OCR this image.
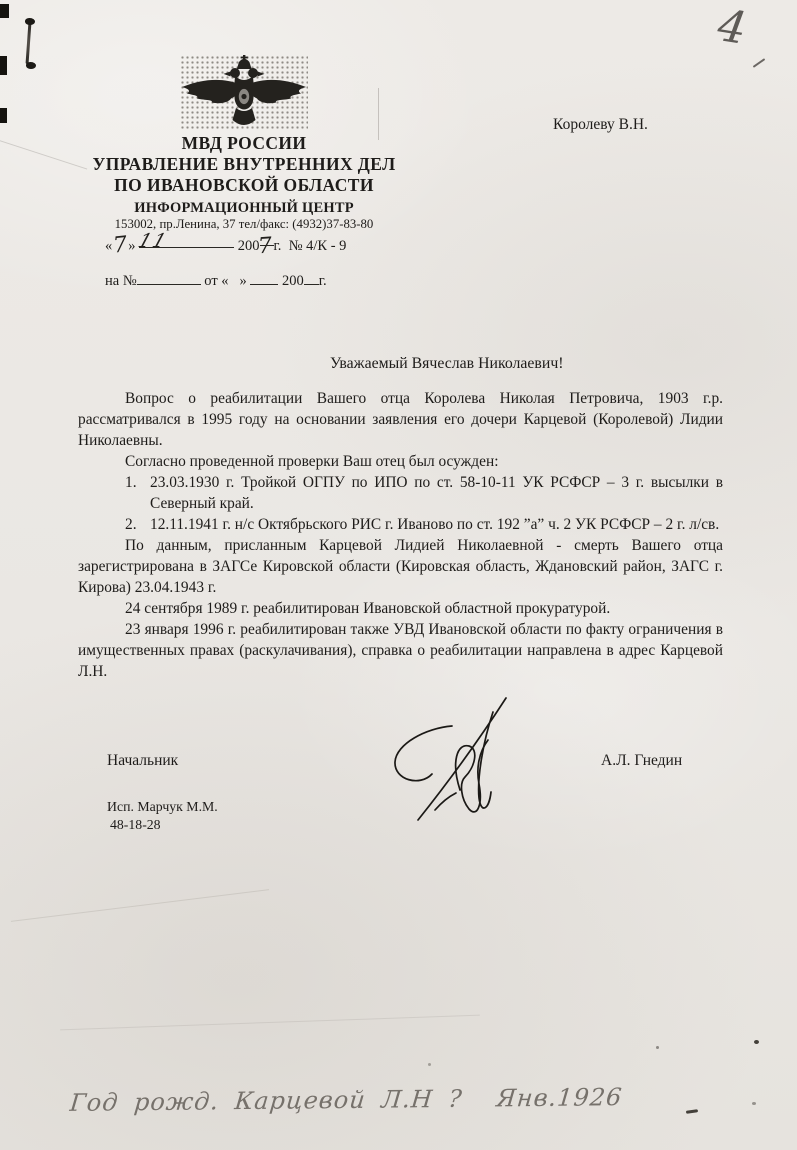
4
МВД РОССИИ
УПРАВЛЕНИЕ ВНУТРЕННИХ ДЕЛ
ПО ИВАНОВСКОЙ ОБЛАСТИ
ИНФОРМАЦИОННЫЙ ЦЕНТР
153002, пр.Ленина, 37 тел/факс: (4932)37-83-80
Королеву В.Н.
«7» 11	2007г. № 4/К - 9
на №	от « » 200 г.
Уважаемый Вячеслав Николаевич!

Вопрос о реабилитации Вашего отца Королева Николая Петровича, 1903 г.р. рассматривался в 1995 году на основании заявления его дочери Карцевой (Королевой) Лидии Николаевны.

Согласно проведенной проверки Ваш отец был осужден:

1. 23.03.1930 г. Тройкой ОГПУ по ИПО по ст. 58-10-11 УК РСФСР – 3 г. высылки в Северный край.
2. 12.11.1941 г. н/с Октябрьского РИС г. Иваново по ст. 192 ”а” ч. 2 УК РСФСР – 2 г. л/св.

По данным, присланным Карцевой Лидией Николаевной - смерть Вашего отца зарегистрирована в ЗАГСе Кировской области (Кировская область, Ждановский район, ЗАГС г. Кирова) 23.04.1943 г.

24 сентября 1989 г. реабилитирован Ивановской областной прокуратурой.

23 января 1996 г. реабилитирован также УВД Ивановской области по факту ограничения в имущественных правах (раскулачивания), справка о реабилитации направлена в адрес Карцевой Л.Н.

Начальник	А.Л. Гнедин
Исп. Марчук М.М.
48-18-28
Год рожд. Карцевой Л.Н ? Янв.1926
